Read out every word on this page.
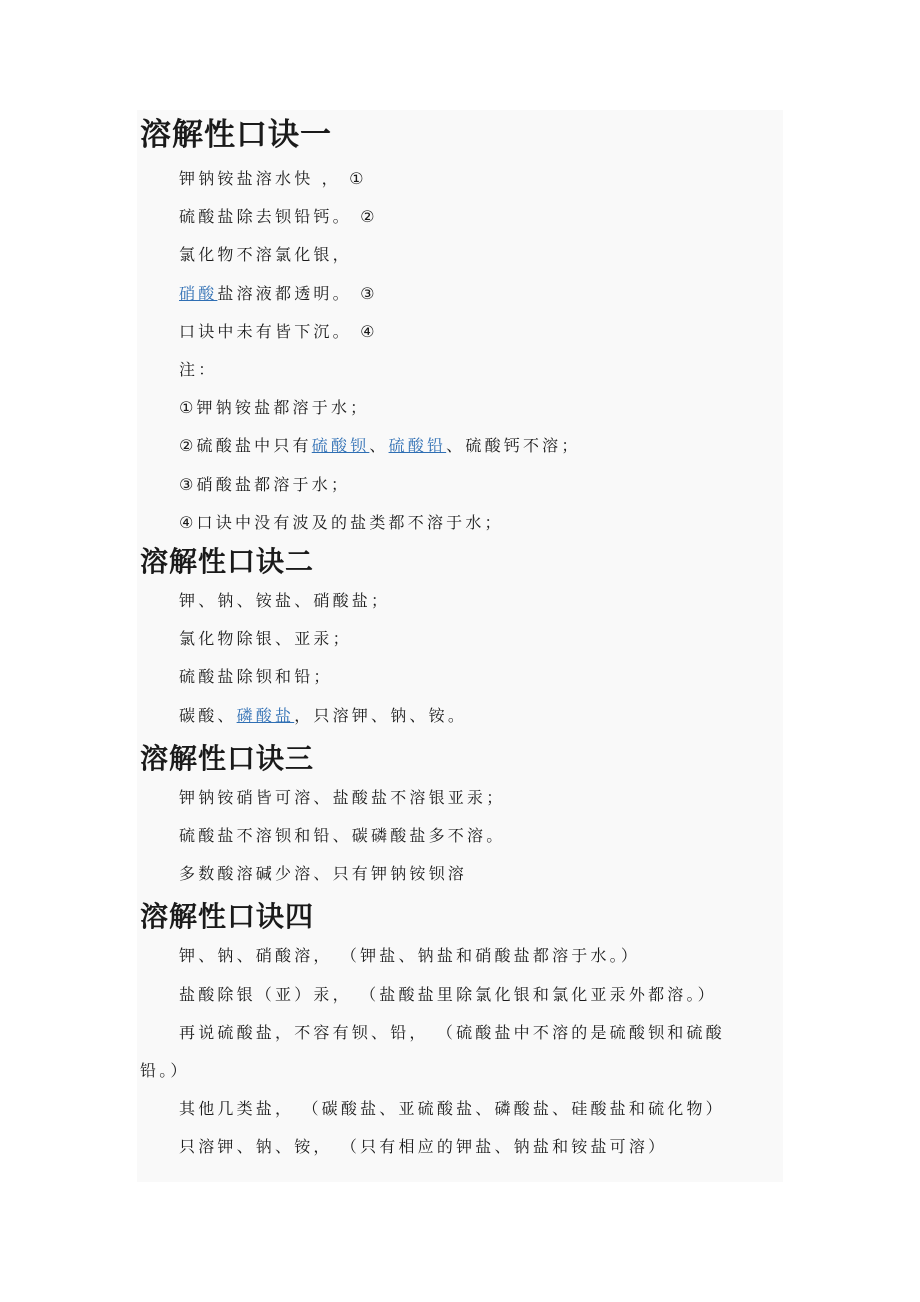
溶解性口诀一

钾钠铵盐溶水快 ， ①

硫酸盐除去钡铅钙。 ②

氯化物不溶氯化银，

硝酸盐溶液都透明。 ③

口诀中未有皆下沉。 ④

注：

①钾钠铵盐都溶于水；

②硫酸盐中只有硫酸钡、硫酸铅、硫酸钙不溶；

③硝酸盐都溶于水；

④口诀中没有波及的盐类都不溶于水；

溶解性口诀二

钾、钠、铵盐、硝酸盐；

氯化物除银、亚汞；

硫酸盐除钡和铅；

碳酸、磷酸盐，只溶钾、钠、铵。

溶解性口诀三

钾钠铵硝皆可溶、盐酸盐不溶银亚汞；

硫酸盐不溶钡和铅、碳磷酸盐多不溶。

多数酸溶碱少溶、只有钾钠铵钡溶

溶解性口诀四

钾、钠、硝酸溶， （钾盐、钠盐和硝酸盐都溶于水。）

盐酸除银（亚）汞， （盐酸盐里除氯化银和氯化亚汞外都溶。）

再说硫酸盐，不容有钡、铅， （硫酸盐中不溶的是硫酸钡和硫酸

铅。）

其他几类盐， （碳酸盐、亚硫酸盐、磷酸盐、硅酸盐和硫化物）

只溶钾、钠、铵， （只有相应的钾盐、钠盐和铵盐可溶）
